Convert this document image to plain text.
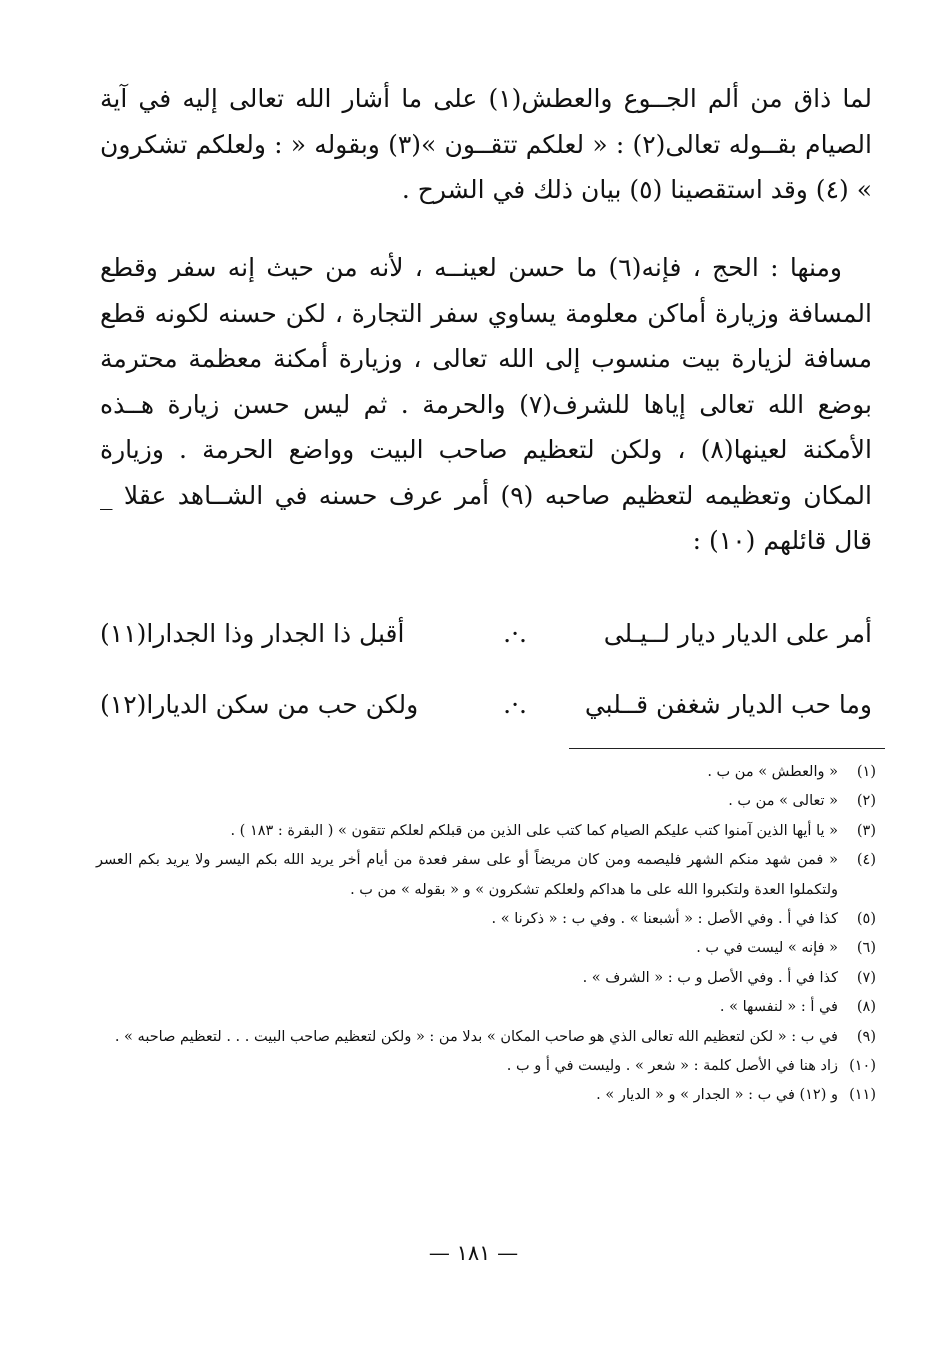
لما ذاق من ألم الجــوع والعطش(١) على ما أشار الله تعالى إليه في آية الصيام بقــوله تعالى(٢) : « لعلكم تتقــون »(٣) وبقوله « : ولعلكم تشكرون » (٤) وقد استقصينا (٥) بيان ذلك في الشرح .

ومنها : الحج ، فإنه(٦) ما حسن لعينــه ، لأنه من حيث إنه سفر وقطع المسافة وزيارة أماكن معلومة يساوي سفر التجارة ، لكن حسنه لكونه قطع مسافة لزيارة بيت منسوب إلى الله تعالى ، وزيارة أمكنة معظمة محترمة بوضع الله تعالى إياها للشرف(٧) والحرمة . ثم ليس حسن زيارة هــذه الأمكنة لعينها(٨) ، ولكن لتعظيم صاحب البيت وواضع الحرمة . وزيارة المكان وتعظيمه لتعظيم صاحبه (٩) أمر عرف حسنه في الشــاهد عقلا _ قال قائلهم (١٠) :

أمر على الديار ديار لــيـلى
.·.
أقبل ذا الجدار وذا الجدارا(١١)
وما حب الديار شغفن قــلبي
.·.
ولكن حب من سكن الديارا(١٢)
(١)
« والعطش » من ب .
(٢)
« تعالى » من ب .
(٣)
« يا أيها الذين آمنوا كتب عليكم الصيام كما كتب على الذين من قبلكم لعلكم تتقون » ( البقرة : ١٨٣ ) .
(٤)
« فمن شهد منكم الشهر فليصمه ومن كان مريضاً أو على سفر فعدة من أيام أخر يريد الله بكم اليسر ولا يريد بكم العسر ولتكملوا العدة ولتكبروا الله على ما هداكم ولعلكم تشكرون » و « بقوله » من ب .
(٥)
كذا في أ . وفي الأصل : « أشبعنا » . وفي ب : « ذكرنا » .
(٦)
« فإنه » ليست في ب .
(٧)
كذا في أ . وفي الأصل و ب : « الشرف » .
(٨)
في أ : « لنفسها » .
(٩)
في ب : « لكن لتعظيم الله تعالى الذي هو صاحب المكان » بدلا من : « ولكن لتعظيم صاحب البيت . . . لتعظيم صاحبه » .
(١٠)
زاد هنا في الأصل كلمة : « شعر » . وليست في أ و ب .
(١١)
و (١٢) في ب : « الجدار » و « الديار » .
— ١٨١ —
